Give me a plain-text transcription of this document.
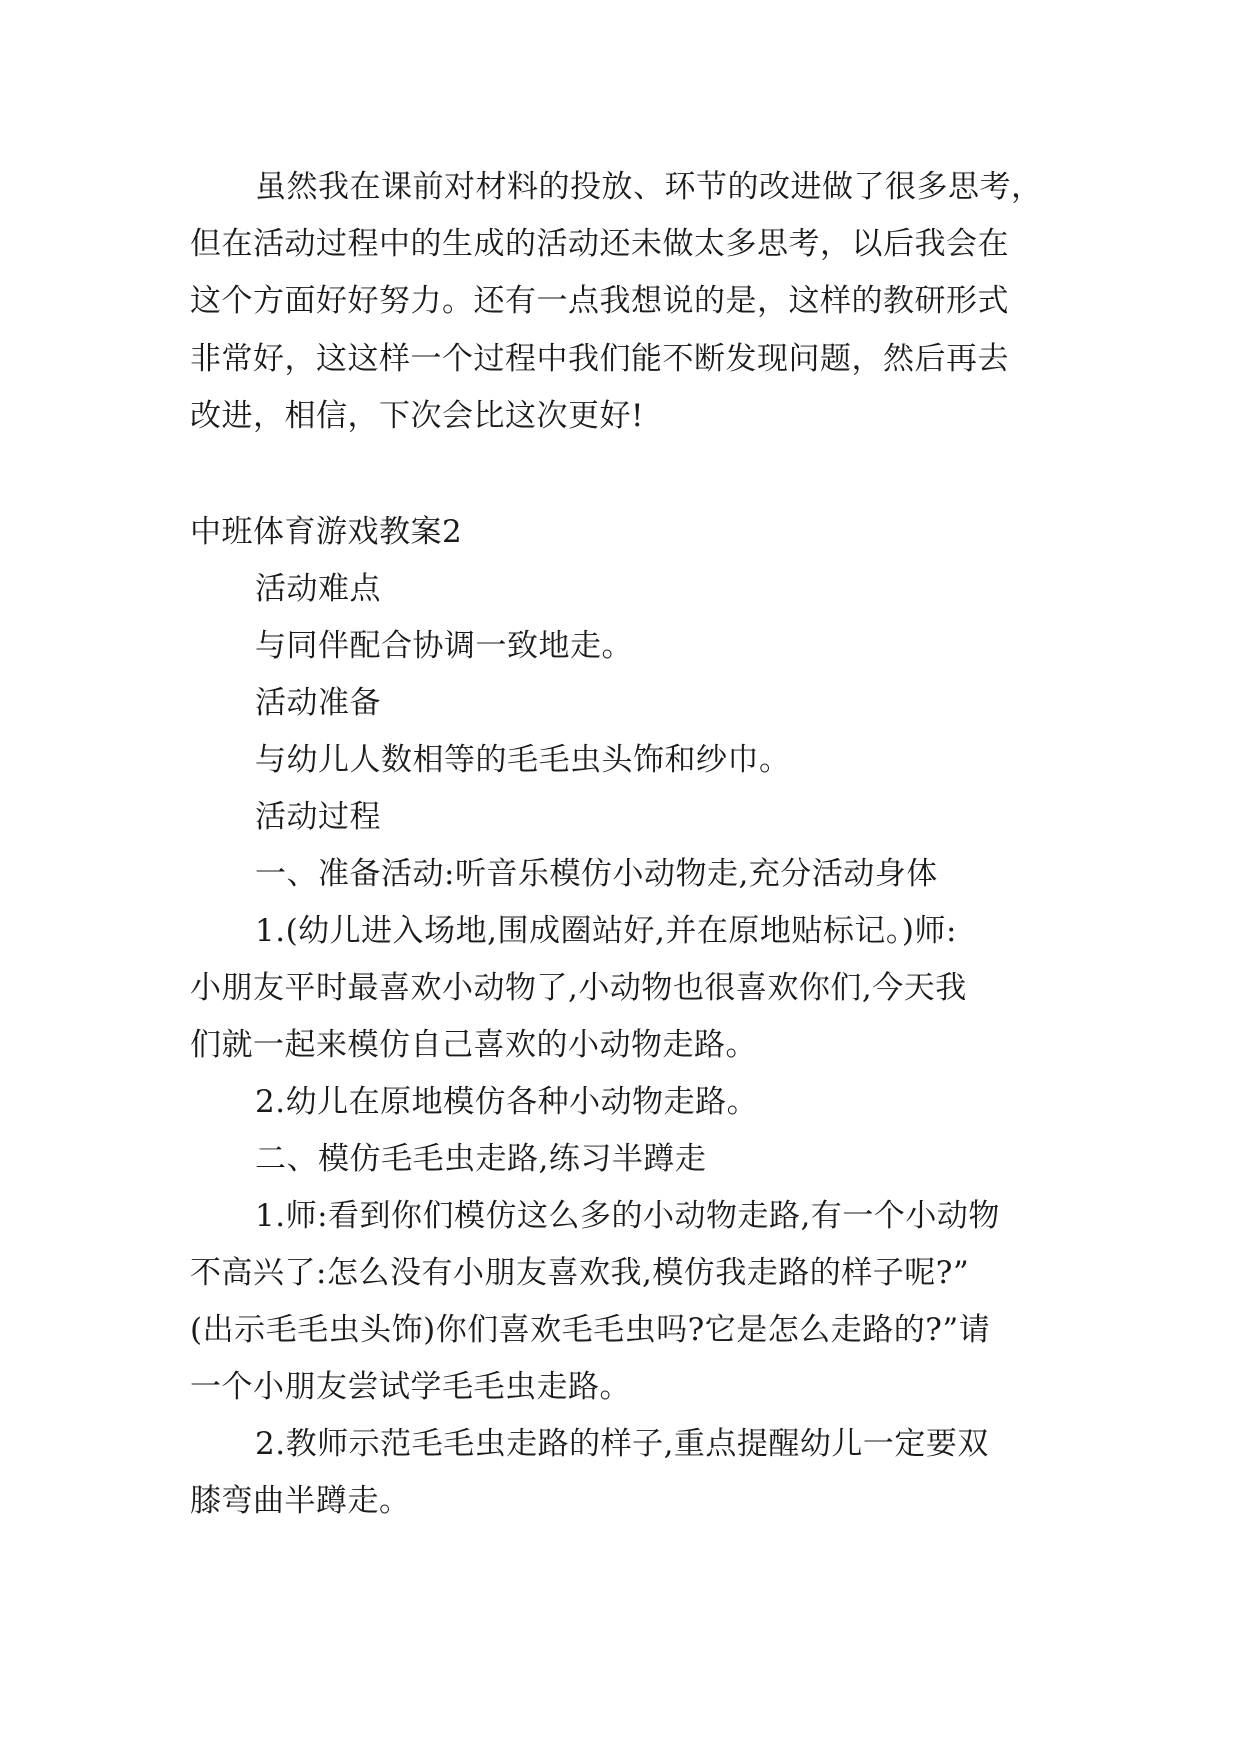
虽然我在课前对材料的投放、环节的改进做了很多思考，
但在活动过程中的生成的活动还未做太多思考，以后我会在
这个方面好好努力。还有一点我想说的是，这样的教研形式
非常好，这这样一个过程中我们能不断发现问题，然后再去
改进，相信，下次会比这次更好!
中班体育游戏教案2
活动难点
与同伴配合协调一致地走。
活动准备
与幼儿人数相等的毛毛虫头饰和纱巾。
活动过程
一、准备活动:听音乐模仿小动物走,充分活动身体
1.(幼儿进入场地,围成圈站好,并在原地贴标记。)师:
小朋友平时最喜欢小动物了,小动物也很喜欢你们,今天我
们就一起来模仿自己喜欢的小动物走路。
2.幼儿在原地模仿各种小动物走路。
二、模仿毛毛虫走路,练习半蹲走
1.师:看到你们模仿这么多的小动物走路,有一个小动物
不高兴了:怎么没有小朋友喜欢我,模仿我走路的样子呢?”
(出示毛毛虫头饰)你们喜欢毛毛虫吗?它是怎么走路的?”请
一个小朋友尝试学毛毛虫走路。
2.教师示范毛毛虫走路的样子,重点提醒幼儿一定要双
膝弯曲半蹲走。
